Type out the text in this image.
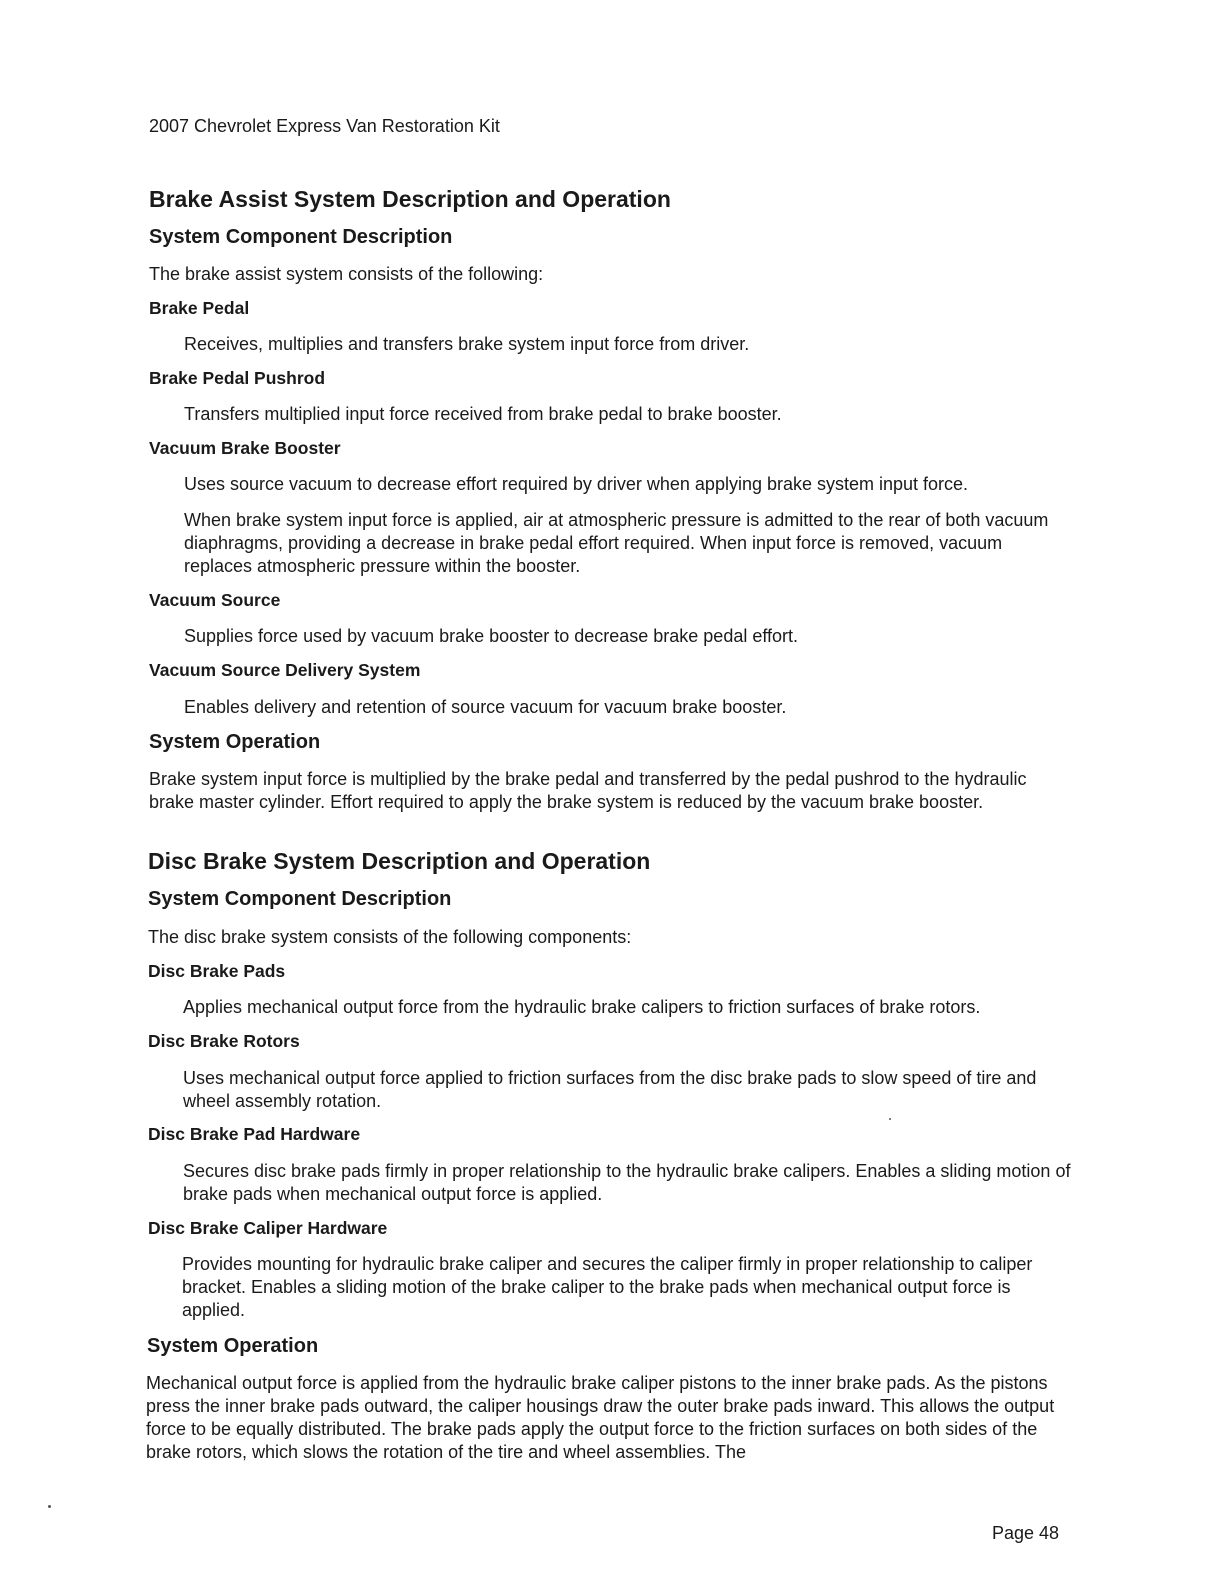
2007 Chevrolet Express Van Restoration Kit

Brake Assist System Description and Operation
System Component Description

The brake assist system consists of the following:

Brake Pedal

Receives, multiplies and transfers brake system input force from driver.

Brake Pedal Pushrod

Transfers multiplied input force received from brake pedal to brake booster.

Vacuum Brake Booster

Uses source vacuum to decrease effort required by driver when applying brake system input force.

When brake system input force is applied, air at atmospheric pressure is admitted to the rear of both vacuum diaphragms, providing a decrease in brake pedal effort required. When input force is removed, vacuum replaces atmospheric pressure within the booster.

Vacuum Source

Supplies force used by vacuum brake booster to decrease brake pedal effort.

Vacuum Source Delivery System

Enables delivery and retention of source vacuum for vacuum brake booster.

System Operation

Brake system input force is multiplied by the brake pedal and transferred by the pedal pushrod to the hydraulic brake master cylinder. Effort required to apply the brake system is reduced by the vacuum brake booster.

Disc Brake System Description and Operation
System Component Description

The disc brake system consists of the following components:

Disc Brake Pads

Applies mechanical output force from the hydraulic brake calipers to friction surfaces of brake rotors.

Disc Brake Rotors

Uses mechanical output force applied to friction surfaces from the disc brake pads to slow speed of tire and wheel assembly rotation.

Disc Brake Pad Hardware

Secures disc brake pads firmly in proper relationship to the hydraulic brake calipers. Enables a sliding motion of brake pads when mechanical output force is applied.

Disc Brake Caliper Hardware

Provides mounting for hydraulic brake caliper and secures the caliper firmly in proper relationship to caliper bracket. Enables a sliding motion of the brake caliper to the brake pads when mechanical output force is applied.

System Operation

Mechanical output force is applied from the hydraulic brake caliper pistons to the inner brake pads. As the pistons press the inner brake pads outward, the caliper housings draw the outer brake pads inward. This allows the output force to be equally distributed. The brake pads apply the output force to the friction surfaces on both sides of the brake rotors, which slows the rotation of the tire and wheel assemblies. The

Page 48
